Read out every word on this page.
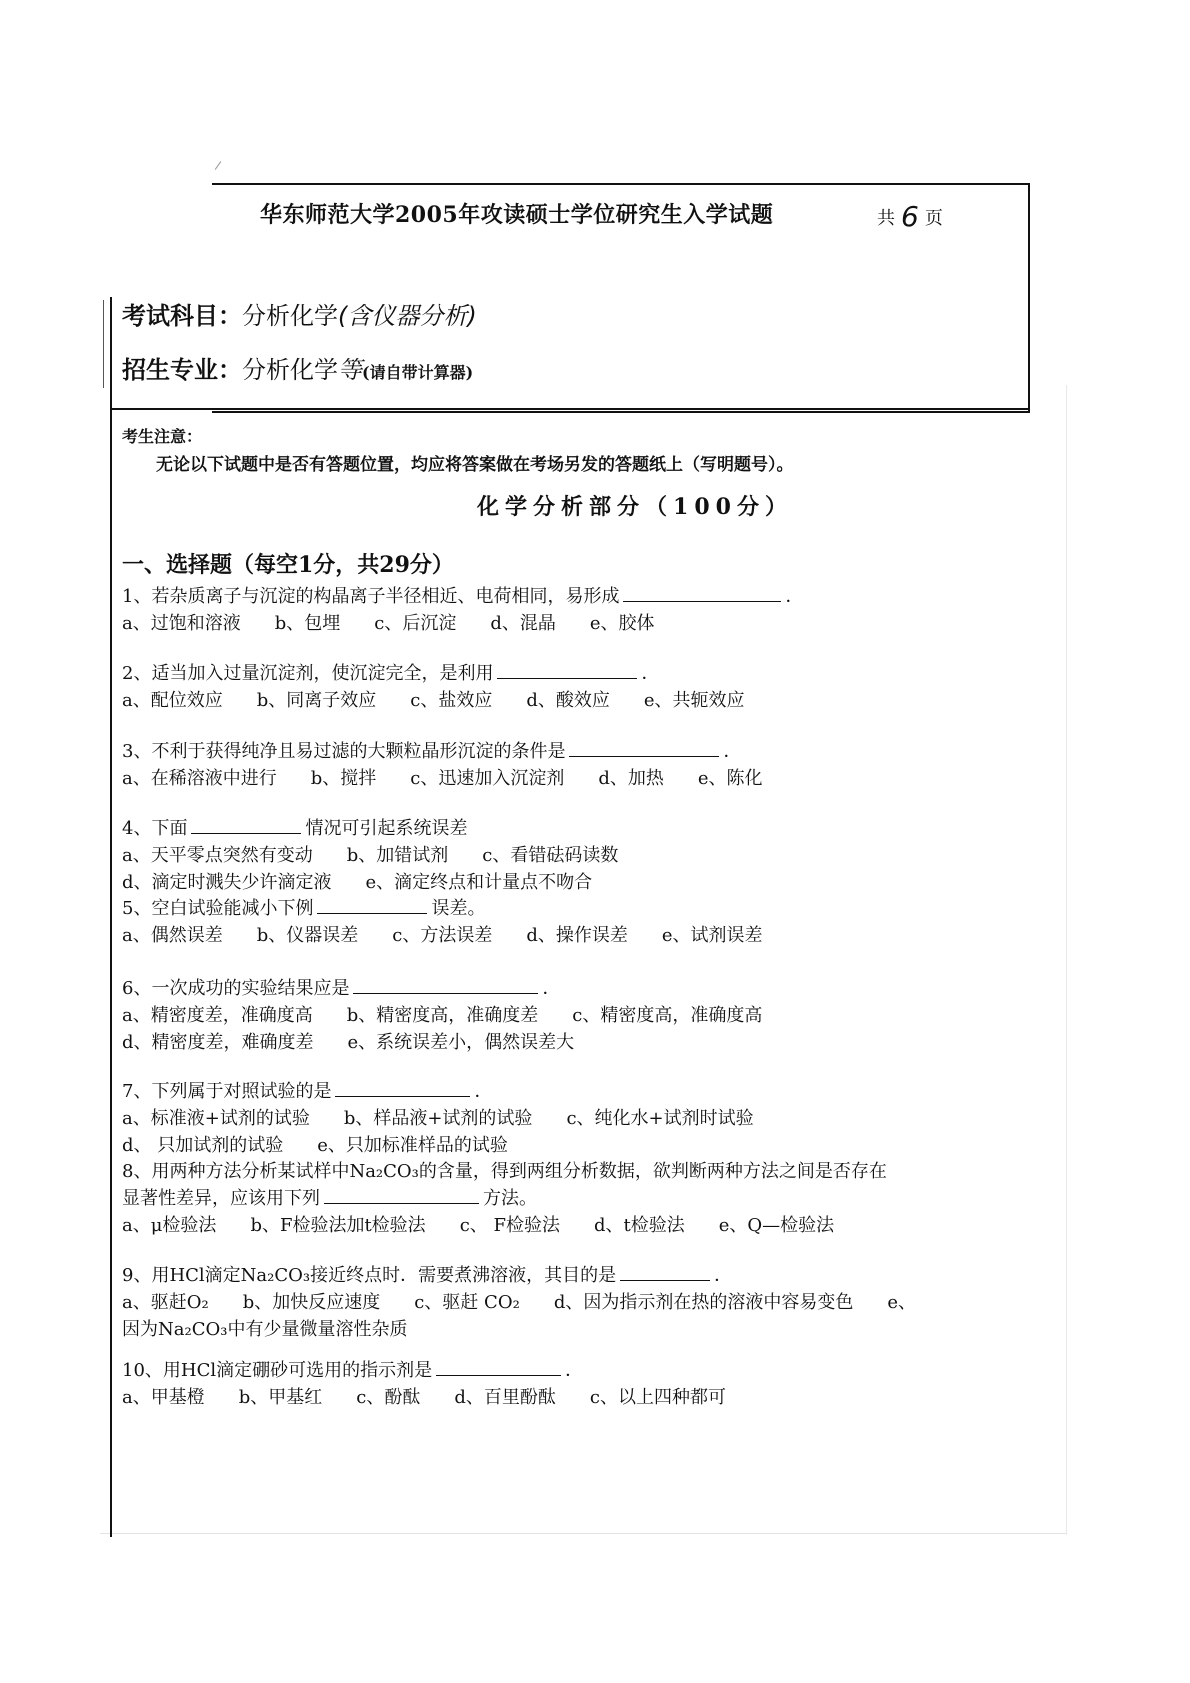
华东师范大学2005年攻读硕士学位研究生入学试题	共 6 页
考试科目：分析化学(含仪器分析)
招生专业：分析化学等(请自带计算器)
考生注意：
无论以下试题中是否有答题位置，均应将答案做在考场另发的答题纸上（写明题号）。
化学分析部分（100分）
一、选择题（每空1分，共29分）
1、若杂质离子与沉淀的构晶离子半径相近、电荷相同，易形成	．
a、过饱和溶液 b、包埋 c、后沉淀 d、混晶 e、胶体
2、适当加入过量沉淀剂，使沉淀完全，是利用	．
a、配位效应 b、同离子效应 c、盐效应 d、酸效应 e、共轭效应
3、不利于获得纯净且易过滤的大颗粒晶形沉淀的条件是	．
a、在稀溶液中进行 b、搅拌 c、迅速加入沉淀剂 d、加热 e、陈化
4、下面	情况可引起系统误差
a、天平零点突然有变动 b、加错试剂 c、看错砝码读数
d、滴定时溅失少许滴定液 e、滴定终点和计量点不吻合
5、空白试验能减小下例	误差。
a、偶然误差 b、仪器误差 c、方法误差 d、操作误差 e、试剂误差
6、一次成功的实验结果应是	．
a、精密度差，准确度高 b、精密度高，准确度差 c、精密度高，准确度高
d、精密度差，难确度差 e、系统误差小，偶然误差大
7、下列属于对照试验的是	．
a、标准液+试剂的试验 b、样品液+试剂的试验 c、纯化水+试剂时试验
d、 只加试剂的试验 e、只加标准样品的试验
8、用两种方法分析某试样中Na₂CO₃的含量，得到两组分析数据，欲判断两种方法之间是否存在
显著性差异，应该用下列	方法。
a、μ检验法 b、F检验法加t检验法 c、 F检验法 d、t检验法 e、Q—检验法
9、用HCl滴定Na₂CO₃接近终点时．需要煮沸溶液，其目的是	．
a、驱赶O₂ b、加快反应速度 c、驱赶 CO₂ d、因为指示剂在热的溶液中容易变色 e、
因为Na₂CO₃中有少量微量溶性杂质
10、用HCl滴定硼砂可选用的指示剂是	．
a、甲基橙 b、甲基红 c、酚酞 d、百里酚酞 c、以上四种都可
